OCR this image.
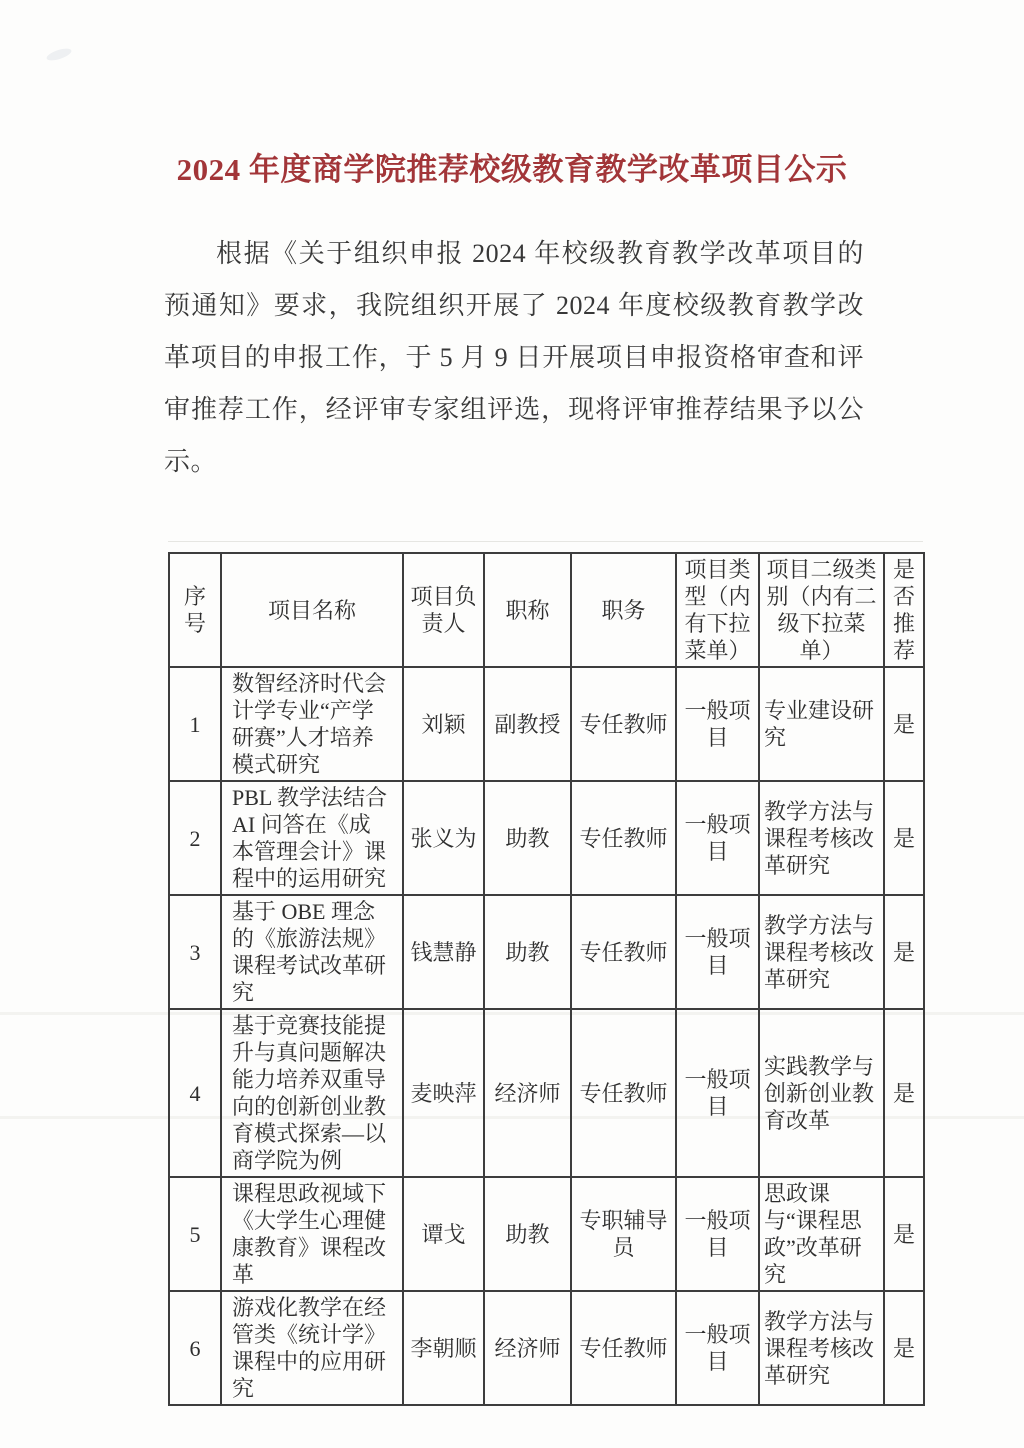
2024 年度商学院推荐校级教育教学改革项目公示

根据《关于组织申报 2024 年校级教育教学改革项目的预通知》要求，我院组织开展了 2024 年度校级教育教学改革项目的申报工作，于 5 月 9 日开展项目申报资格审查和评审推荐工作，经评审专家组评选，现将评审推荐结果予以公示。

序号	项目名称	项目负责人	职称	职务	项目类型（内有下拉菜单）	项目二级类别（内有二级下拉菜单）	是否推荐
1	数智经济时代会计学专业“产学研赛”人才培养模式研究	刘颖	副教授	专任教师	一般项目	专业建设研究	是
2	PBL 教学法结合 AI 问答在《成本管理会计》课程中的运用研究	张义为	助教	专任教师	一般项目	教学方法与课程考核改革研究	是
3	基于 OBE 理念的《旅游法规》课程考试改革研究	钱慧静	助教	专任教师	一般项目	教学方法与课程考核改革研究	是
4	基于竞赛技能提升与真问题解决能力培养双重导向的创新创业教育模式探索—以商学院为例	麦映萍	经济师	专任教师	一般项目	实践教学与创新创业教育改革	是
5	课程思政视域下《大学生心理健康教育》课程改革	谭戈	助教	专职辅导员	一般项目	思政课与“课程思政”改革研究	是
6	游戏化教学在经管类《统计学》课程中的应用研究	李朝顺	经济师	专任教师	一般项目	教学方法与课程考核改革研究	是
